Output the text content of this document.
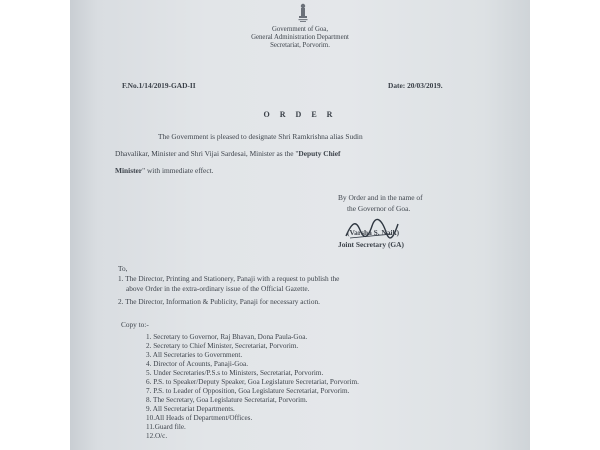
Government of Goa,
General Administration Department
Secretariat, Porvorim.
F.No.1/14/2019-GAD-II	Date: 20/03/2019.
O R D E R
The Government is pleased to designate Shri Ramkrishna alias Sudin
Dhavalikar, Minister and Shri Vijai Sardesai, Minister as the "Deputy Chief
Minister" with immediate effect.
By Order and in the name of
the Governor of Goa.
(Varsha S. Naik)
Joint Secretary (GA)
To,
1. The Director, Printing and Stationery, Panaji with a request to publish the
above Order in the extra-ordinary issue of the Official Gazette.
2. The Director, Information & Publicity, Panaji for necessary action.
Copy to:-
1. Secretary to Governor, Raj Bhavan, Dona Paula-Goa.
2. Secretary to Chief Minister, Secretariat, Porvorim.
3. All Secretaries to Government.
4. Director of Acounts, Panaji-Goa.
5. Under Secretaries/P.S.s to Ministers, Secretariat, Porvorim.
6. P.S. to Speaker/Deputy Speaker, Goa Legislature Secretariat, Porvorim.
7. P.S. to Leader of Opposition, Goa Legislature Secretariat, Porvorim.
8. The Secretary, Goa Legislature Secretariat, Porvorim.
9. All Secretariat Departments.
10.All Heads of Department/Offices.
11.Guard file.
12.O/c.
